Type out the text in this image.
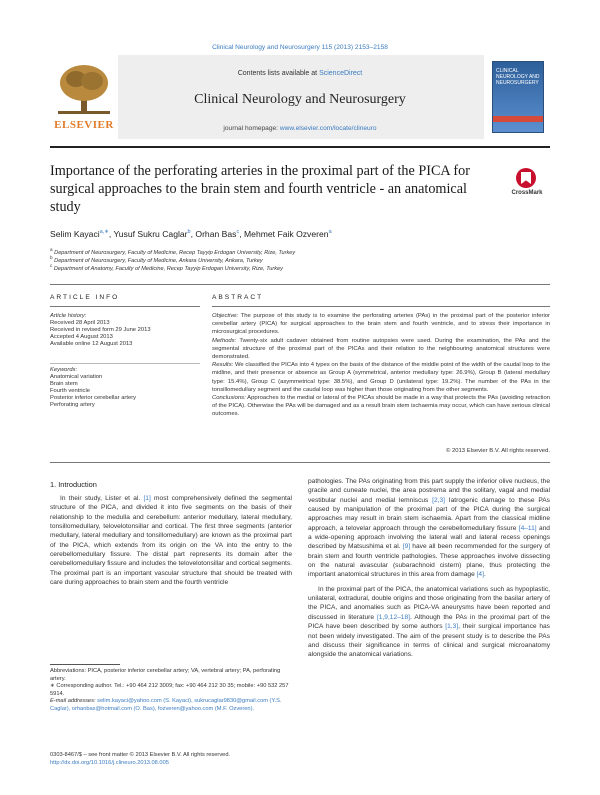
Clinical Neurology and Neurosurgery 115 (2013) 2153–2158
ELSEVIER
CLINICAL NEUROLOGY AND NEUROSURGERY
Contents lists available at ScienceDirect
Clinical Neurology and Neurosurgery
journal homepage: www.elsevier.com/locate/clineuro
Importance of the perforating arteries in the proximal part of the PICA for surgical approaches to the brain stem and fourth ventricle - an anatomical study
CrossMark
Selim Kayaci$^{a,∗}$, Yusuf Sukru Caglar$^b$, Orhan Bas$^c$, Mehmet Faik Ozveren$^a$
$^a$ Department of Neurosurgery, Faculty of Medicine, Recep Tayyip Erdogan University, Rize, Turkey
$^b$ Department of Neurosurgery, Faculty of Medicine, Ankara University, Ankara, Turkey
$^c$ Department of Anatomy, Faculty of Medicine, Recep Tayyip Erdogan University, Rize, Turkey
ARTICLE INFO	ABSTRACT
Article history:
Received 28 April 2013
Received in revised form 29 June 2013
Accepted 4 August 2013
Available online 12 August 2013
Keywords:
Anatomical variation
Brain stem
Fourth ventricle
Posterior inferior cerebellar artery
Perforating artery

Objective: The purpose of this study is to examine the perforating arteries (PAs) in the proximal part of the posterior inferior cerebellar artery (PICA) for surgical approaches to the brain stem and fourth ventricle, and to stress their importance in microsurgical procedures.

Methods: Twenty-six adult cadaver obtained from routine autopsies were used. During the examination, the PAs and the segmental structure of the proximal part of the PICAs and their relation to the neighbouring anatomical structures were demonstrated.

Results: We classified the PICAs into 4 types on the basis of the distance of the middle point of the width of the caudal loop to the midline, and their presence or absence as Group A (symmetrical, anterior medullary type: 26.9%), Group B (lateral medullary type: 15.4%), Group C (asymmetrical type: 38.5%), and Group D (unilateral type: 19.2%). The number of the PAs in the tonsillomedullary segment and the caudal loop was higher than those originating from the other segments.

Conclusions: Approaches to the medial or lateral of the PICAs should be made in a way that protects the PAs (avoiding retraction of the PICA). Otherwise the PAs will be damaged and as a result brain stem ischaemia may occur, which can have serious clinical outcomes.

© 2013 Elsevier B.V. All rights reserved.
1. Introduction

In their study, Lister et al. [1] most comprehensively defined the segmental structure of the PICA, and divided it into five segments on the basis of their relationship to the medulla and cerebellum: anterior medullary, lateral medullary, tonsillomedullary, telovelotonsillar and cortical. The first three segments (anterior medullary, lateral medullary and tonsillomedullary) are known as the proximal part of the PICA, which extends from its origin on the VA into the entry to the cerebellomedullary fissure. The distal part represents its domain after the cerebellomedullary fissure and includes the telovelotonsillar and cortical segments. The proximal part is an important vascular structure that should be treated with care during approaches to brain stem and the fourth ventricle

Abbreviations: PICA, posterior inferior cerebellar artery; VA, vertebral artery; PA, perforating artery.
∗ Corresponding author. Tel.: +90 464 212 3009; fax: +90 464 212 30 35; mobile: +90 532 257 5914.
E-mail addresses: selim.kayaci@yahoo.com (S. Kayaci), sukrucaglar9830@gmail.com (Y.S. Caglar), orhanbas@hotmail.com (O. Bas), fozveren@yahoo.com (M.F. Ozveren).
0303-8467/$ – see front matter © 2013 Elsevier B.V. All rights reserved.
http://dx.doi.org/10.1016/j.clineuro.2013.08.005

pathologies. The PAs originating from this part supply the inferior olive nucleus, the gracile and cuneate nuclei, the area postrema and the solitary, vagal and medial vestibular nuclei and medial lemniscus [2,3] Iatrogenic damage to these PAs caused by manipulation of the proximal part of the PICA during the surgical approaches may result in brain stem ischaemia. Apart from the classical midline approach, a telovelar approach through the cerebellomedullary fissure [4–11] and a wide-opening approach involving the lateral wall and lateral recess openings described by Matsushima et al. [9] have all been recommended for the surgery of brain stem and fourth ventricle pathologies. These approaches involve dissecting on the natural avascular (subarachnoid cistern) plane, thus protecting the important anatomical structures in this area from damage [4].

In the proximal part of the PICA, the anatomical variations such as hypoplastic, unilateral, extradural, double origins and those originating from the basilar artery of the PICA, and anomalies such as PICA-VA aneurysms have been reported and discussed in literature [1,9,12–18]. Although the PAs in the proximal part of the PICA have been described by some authors [1,3], their surgical importance has not been widely investigated. The aim of the present study is to describe the PAs and discuss their significance in terms of clinical and surgical microanatomy alongside the anatomical variations.
